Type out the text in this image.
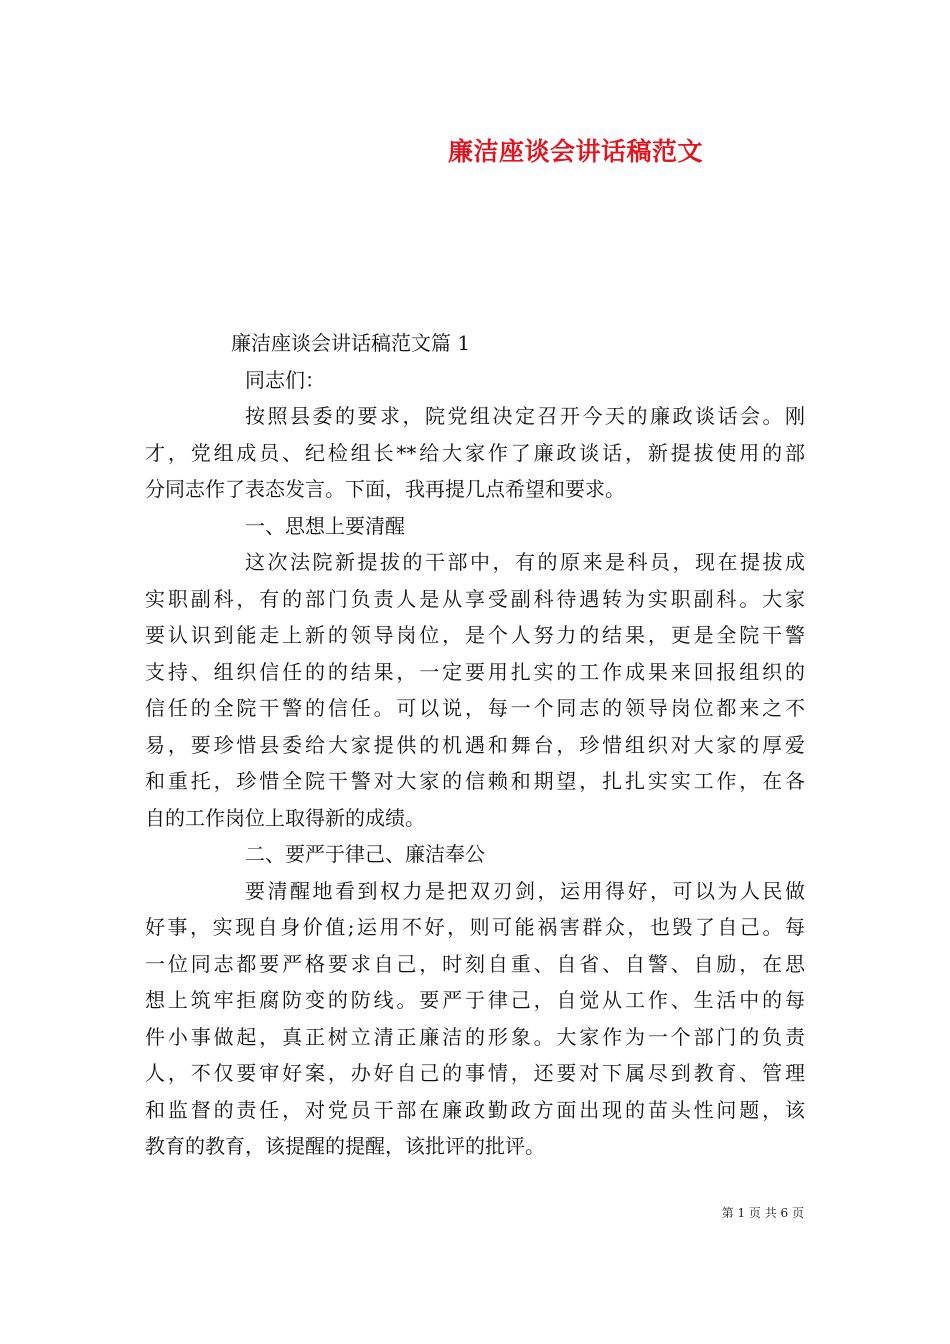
廉洁座谈会讲话稿范文
廉洁座谈会讲话稿范文篇 1
同志们：
按照县委的要求，院党组决定召开今天的廉政谈话会。刚
才，党组成员、纪检组长**给大家作了廉政谈话，新提拔使用的部
分同志作了表态发言。下面，我再提几点希望和要求。
一、思想上要清醒
这次法院新提拔的干部中，有的原来是科员，现在提拔成
实职副科，有的部门负责人是从享受副科待遇转为实职副科。大家
要认识到能走上新的领导岗位，是个人努力的结果，更是全院干警
支持、组织信任的的结果，一定要用扎实的工作成果来回报组织的
信任的全院干警的信任。可以说，每一个同志的领导岗位都来之不
易，要珍惜县委给大家提供的机遇和舞台，珍惜组织对大家的厚爱
和重托，珍惜全院干警对大家的信赖和期望，扎扎实实工作，在各
自的工作岗位上取得新的成绩。
二、要严于律己、廉洁奉公
要清醒地看到权力是把双刃剑，运用得好，可以为人民做
好事，实现自身价值;运用不好，则可能祸害群众，也毁了自己。每
一位同志都要严格要求自己，时刻自重、自省、自警、自励，在思
想上筑牢拒腐防变的防线。要严于律己，自觉从工作、生活中的每
件小事做起，真正树立清正廉洁的形象。大家作为一个部门的负责
人，不仅要审好案，办好自己的事情，还要对下属尽到教育、管理
和监督的责任，对党员干部在廉政勤政方面出现的苗头性问题，该
教育的教育，该提醒的提醒，该批评的批评。
第 1 页 共 6 页
